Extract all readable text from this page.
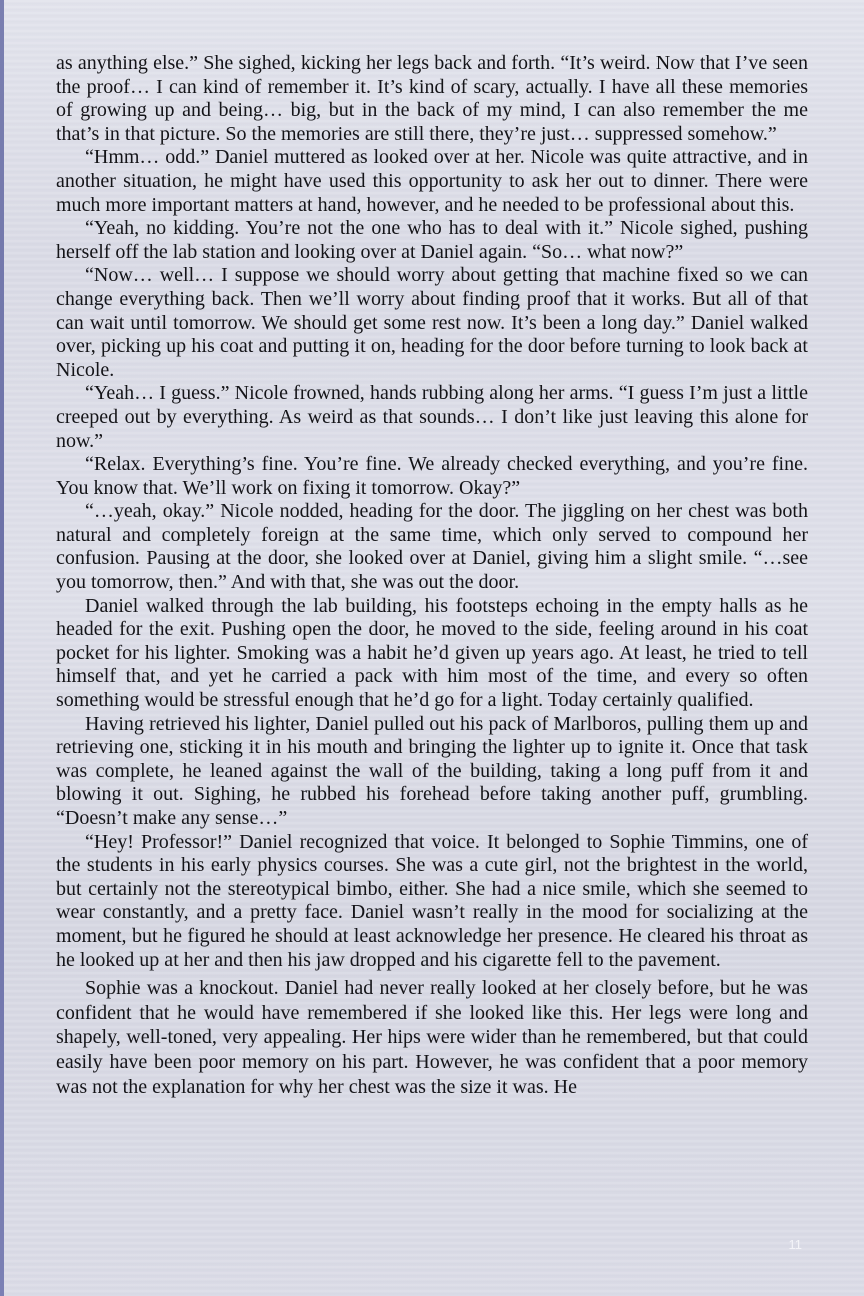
as anything else.” She sighed, kicking her legs back and forth. “It’s weird. Now that I’ve seen the proof… I can kind of remember it. It’s kind of scary, actually. I have all these memories of growing up and being… big, but in the back of my mind, I can also remember the me that’s in that picture. So the memories are still there, they’re just… suppressed somehow.”

“Hmm… odd.” Daniel muttered as looked over at her. Nicole was quite attractive, and in another situation, he might have used this opportunity to ask her out to dinner. There were much more important matters at hand, however, and he needed to be professional about this.

“Yeah, no kidding. You’re not the one who has to deal with it.” Nicole sighed, pushing herself off the lab station and looking over at Daniel again. “So… what now?”

“Now… well… I suppose we should worry about getting that machine fixed so we can change everything back. Then we’ll worry about finding proof that it works. But all of that can wait until tomorrow. We should get some rest now. It’s been a long day.” Daniel walked over, picking up his coat and putting it on, heading for the door before turning to look back at Nicole.

“Yeah… I guess.” Nicole frowned, hands rubbing along her arms. “I guess I’m just a little creeped out by everything. As weird as that sounds… I don’t like just leaving this alone for now.”

“Relax. Everything’s fine. You’re fine. We already checked everything, and you’re fine. You know that. We’ll work on fixing it tomorrow. Okay?”

“…yeah, okay.” Nicole nodded, heading for the door. The jiggling on her chest was both natural and completely foreign at the same time, which only served to compound her confusion. Pausing at the door, she looked over at Daniel, giving him a slight smile. “…see you tomorrow, then.” And with that, she was out the door.

Daniel walked through the lab building, his footsteps echoing in the empty halls as he headed for the exit. Pushing open the door, he moved to the side, feeling around in his coat pocket for his lighter. Smoking was a habit he’d given up years ago. At least, he tried to tell himself that, and yet he carried a pack with him most of the time, and every so often something would be stressful enough that he’d go for a light. Today certainly qualified.

Having retrieved his lighter, Daniel pulled out his pack of Marlboros, pulling them up and retrieving one, sticking it in his mouth and bringing the lighter up to ignite it. Once that task was complete, he leaned against the wall of the building, taking a long puff from it and blowing it out. Sighing, he rubbed his forehead before taking another puff, grumbling. “Doesn’t make any sense…”

“Hey! Professor!” Daniel recognized that voice. It belonged to Sophie Timmins, one of the students in his early physics courses. She was a cute girl, not the brightest in the world, but certainly not the stereotypical bimbo, either. She had a nice smile, which she seemed to wear constantly, and a pretty face. Daniel wasn’t really in the mood for socializing at the moment, but he figured he should at least acknowledge her presence. He cleared his throat as he looked up at her and then his jaw dropped and his cigarette fell to the pavement.

Sophie was a knockout. Daniel had never really looked at her closely before, but he was confident that he would have remembered if she looked like this. Her legs were long and shapely, well-toned, very appealing. Her hips were wider than he remembered, but that could easily have been poor memory on his part. However, he was confident that a poor memory was not the explanation for why her chest was the size it was. He

11
